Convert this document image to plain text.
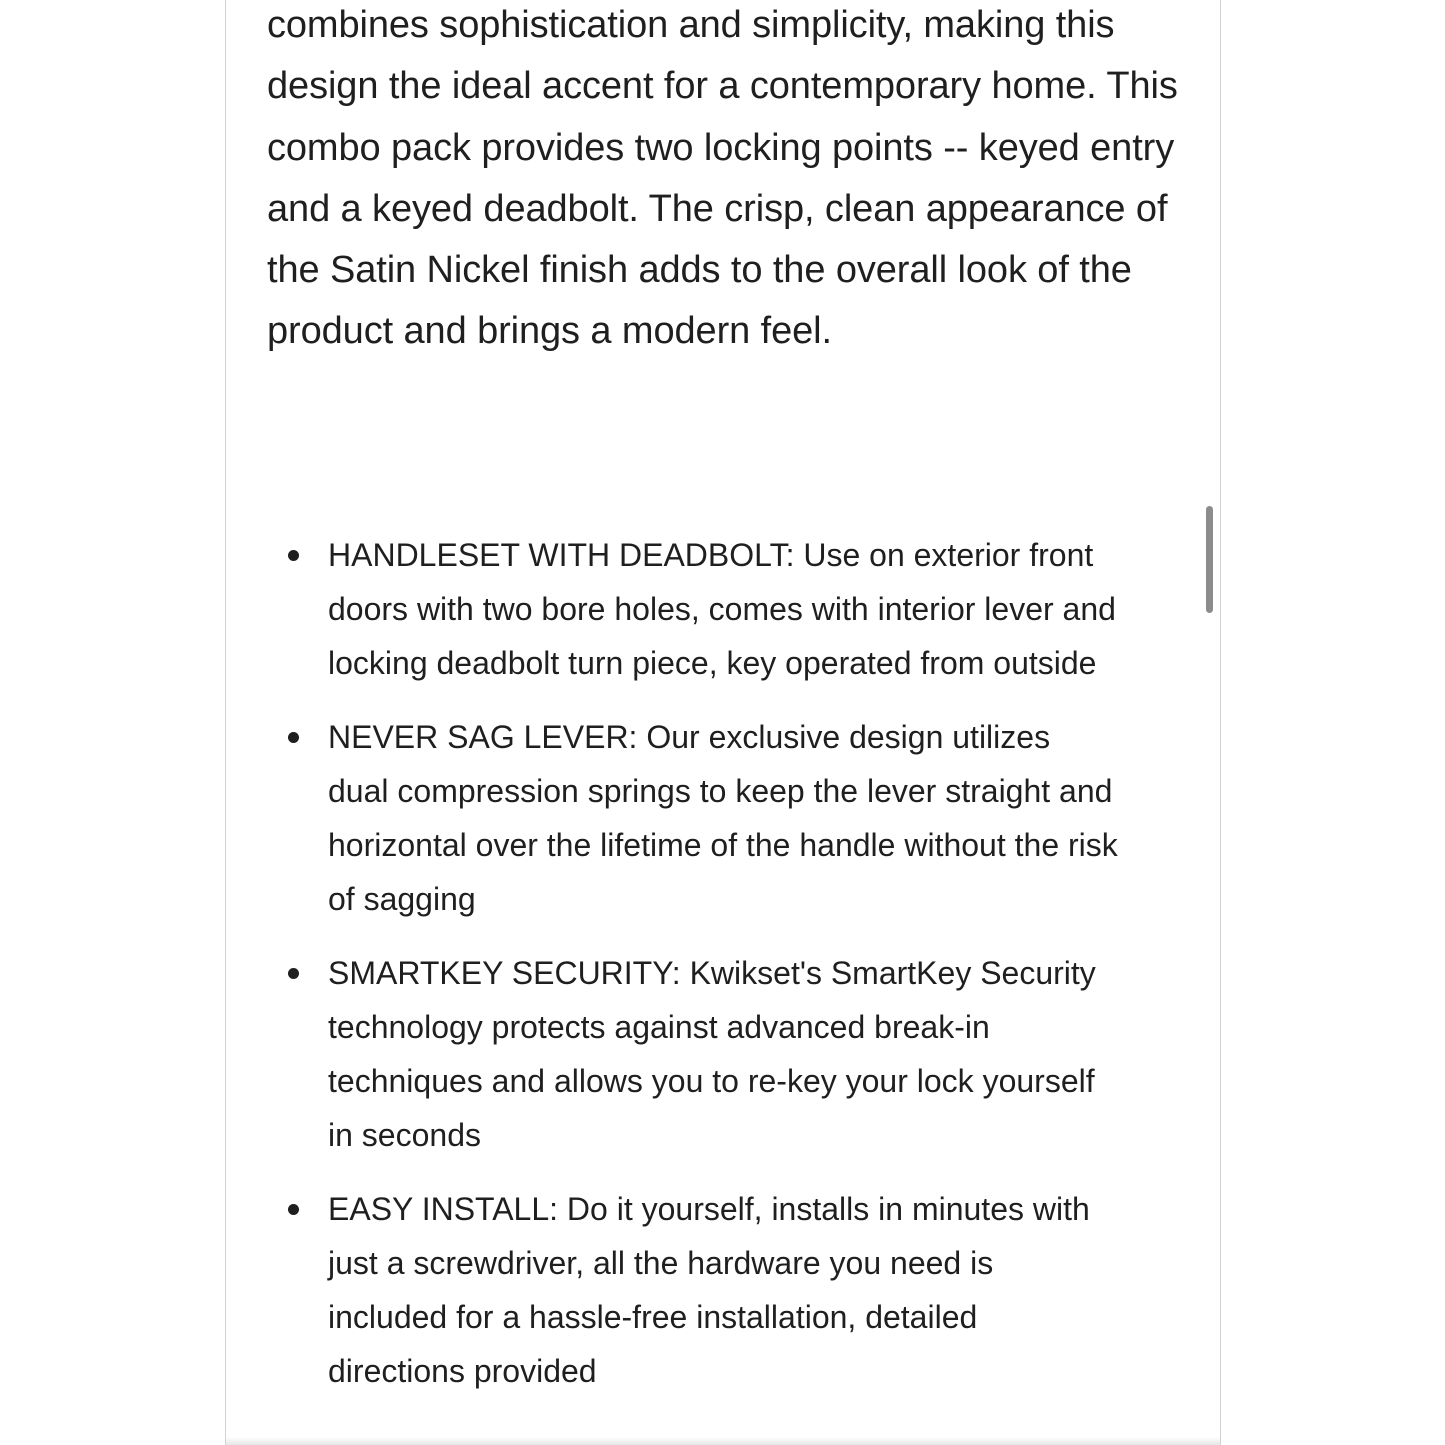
combines sophistication and simplicity, making this design the ideal accent for a contemporary home. This combo pack provides two locking points -- keyed entry and a keyed deadbolt. The crisp, clean appearance of the Satin Nickel finish adds to the overall look of the product and brings a modern feel.

HANDLESET WITH DEADBOLT: Use on exterior front doors with two bore holes, comes with interior lever and locking deadbolt turn piece, key operated from outside
NEVER SAG LEVER: Our exclusive design utilizes dual compression springs to keep the lever straight and horizontal over the lifetime of the handle without the risk of sagging
SMARTKEY SECURITY: Kwikset's SmartKey Security technology protects against advanced break-in techniques and allows you to re-key your lock yourself in seconds
EASY INSTALL: Do it yourself, installs in minutes with just a screwdriver, all the hardware you need is included for a hassle-free installation, detailed directions provided
